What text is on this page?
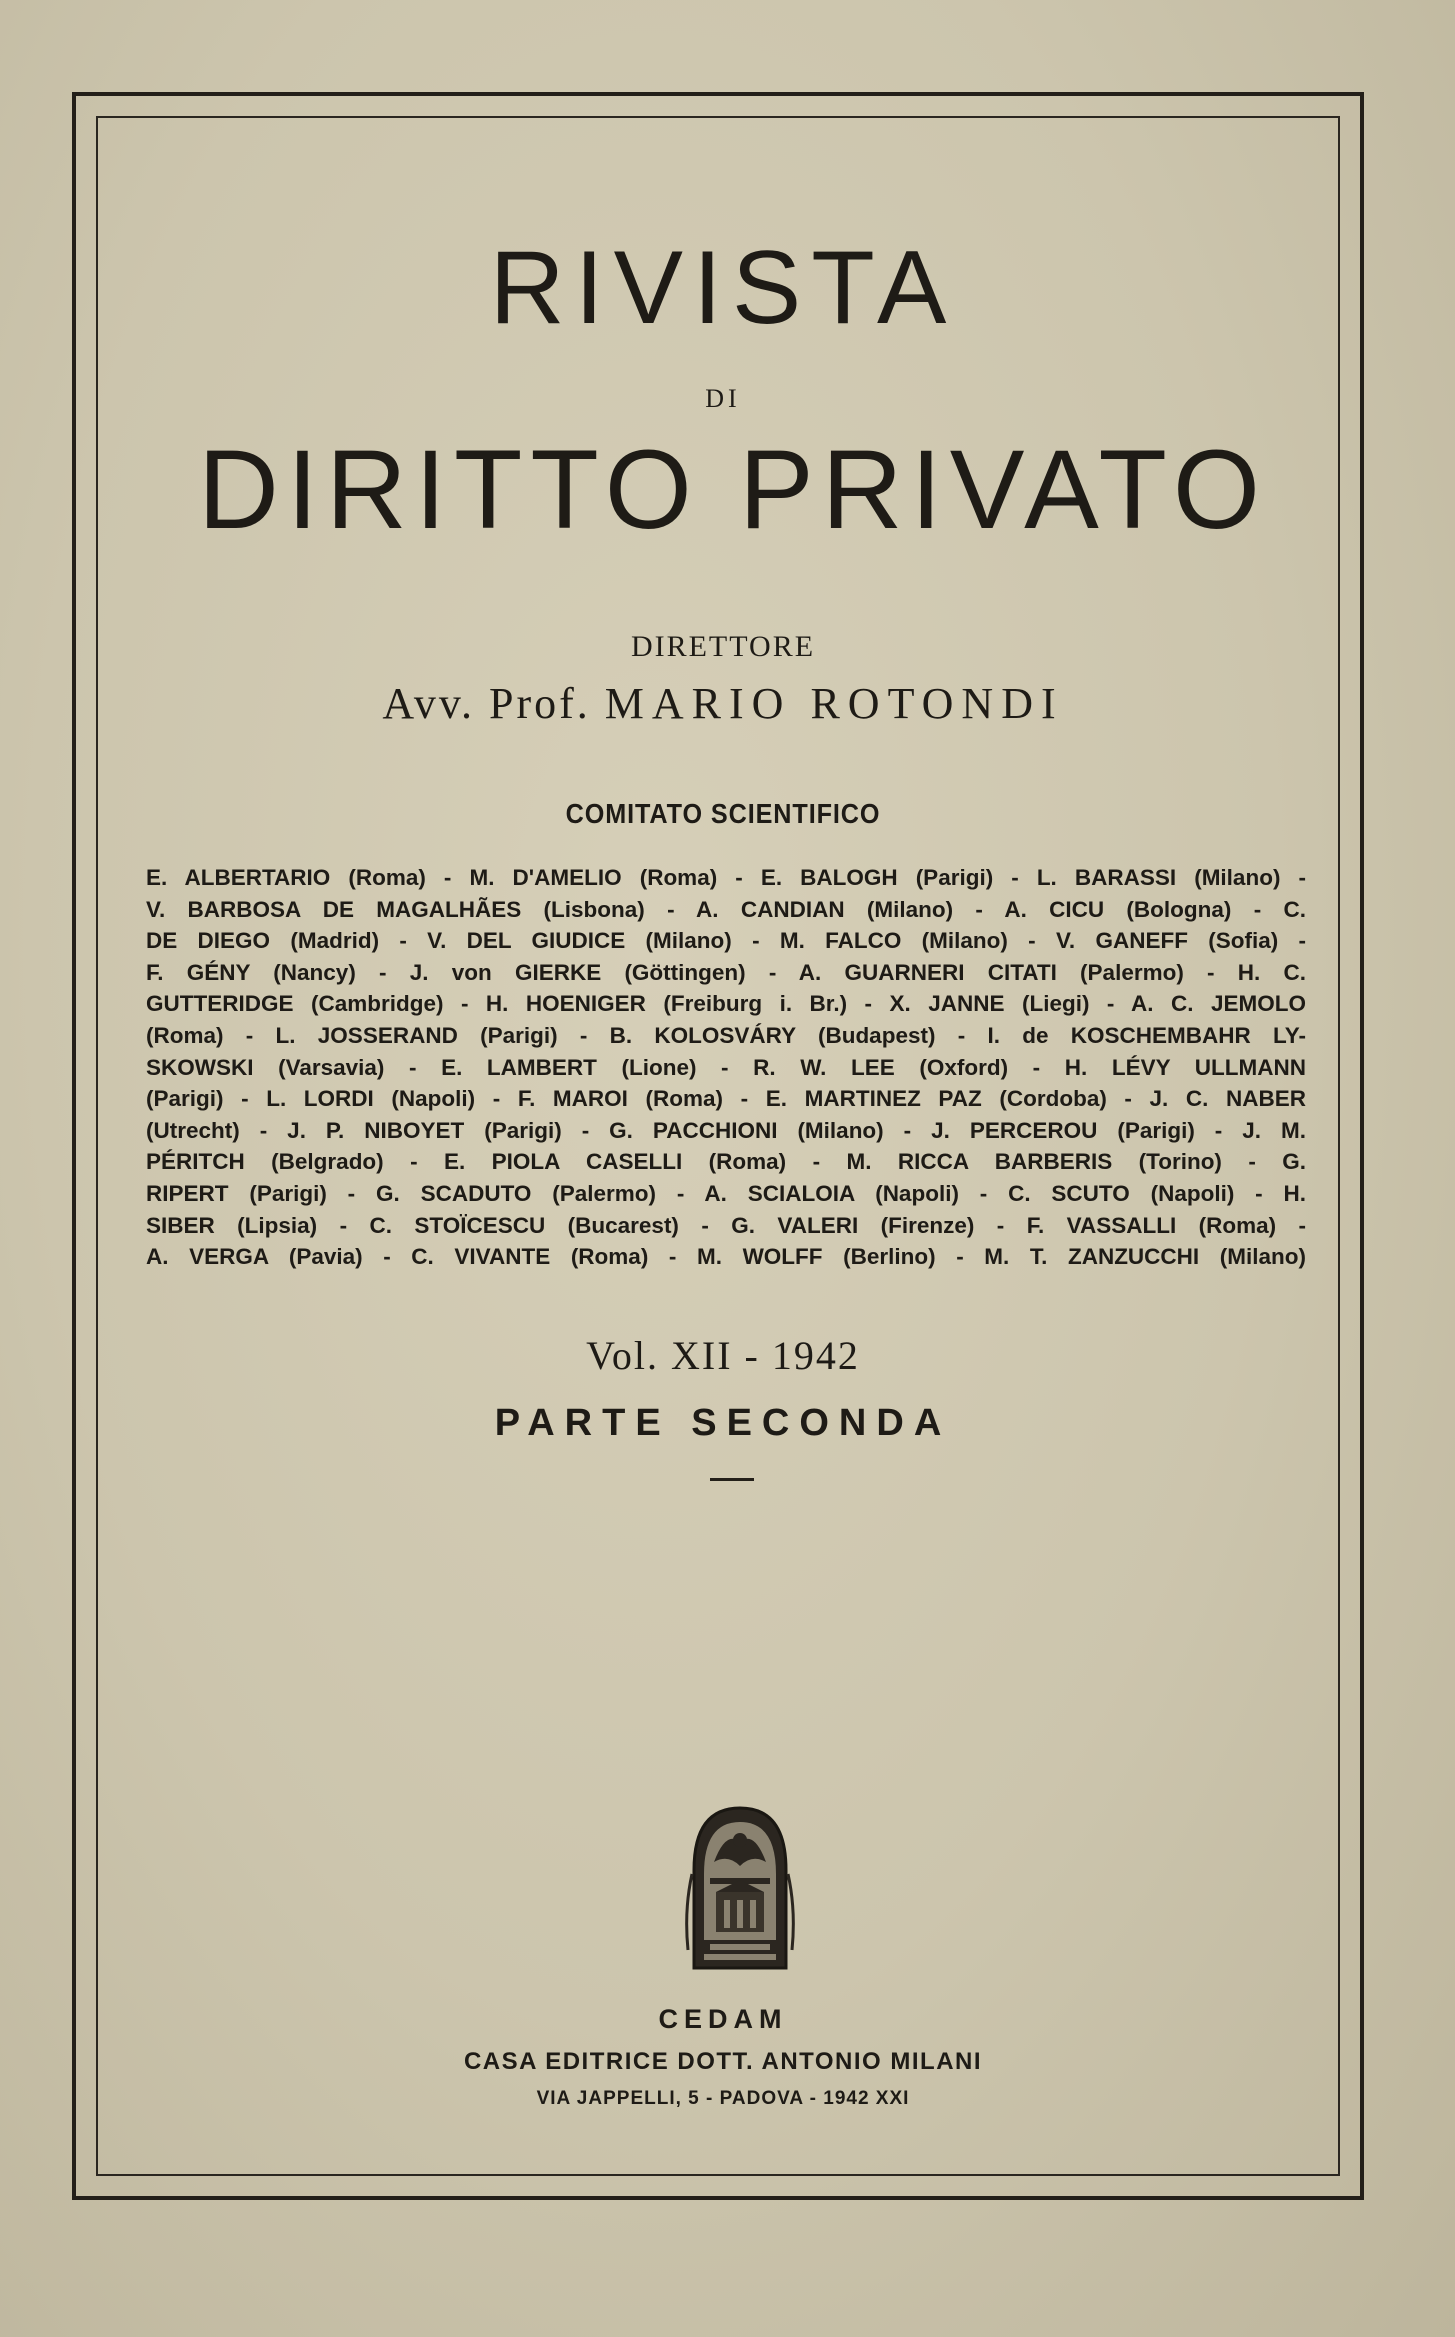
RIVISTA
DI
DIRITTO PRIVATO
DIRETTORE
Avv. Prof. MARIO ROTONDI
COMITATO SCIENTIFICO
E. ALBERTARIO (Roma) - M. D'AMELIO (Roma) - E. BALOGH (Parigi) - L. BARASSI (Milano) -
V. BARBOSA DE MAGALHÃES (Lisbona) - A. CANDIAN (Milano) - A. CICU (Bologna) - C.
DE DIEGO (Madrid) - V. DEL GIUDICE (Milano) - M. FALCO (Milano) - V. GANEFF (Sofia) -
F. GÉNY (Nancy) - J. von GIERKE (Göttingen) - A. GUARNERI CITATI (Palermo) - H. C.
GUTTERIDGE (Cambridge) - H. HOENIGER (Freiburg i. Br.) - X. JANNE (Liegi) - A. C. JEMOLO
(Roma) - L. JOSSERAND (Parigi) - B. KOLOSVÁRY (Budapest) - I. de KOSCHEMBAHR LY-
SKOWSKI (Varsavia) - E. LAMBERT (Lione) - R. W. LEE (Oxford) - H. LÉVY ULLMANN
(Parigi) - L. LORDI (Napoli) - F. MAROI (Roma) - E. MARTINEZ PAZ (Cordoba) - J. C. NABER
(Utrecht) - J. P. NIBOYET (Parigi) - G. PACCHIONI (Milano) - J. PERCEROU (Parigi) - J. M.
PÉRITCH (Belgrado) - E. PIOLA CASELLI (Roma) - M. RICCA BARBERIS (Torino) - G.
RIPERT (Parigi) - G. SCADUTO (Palermo) - A. SCIALOIA (Napoli) - C. SCUTO (Napoli) - H.
SIBER (Lipsia) - C. STOÏCESCU (Bucarest) - G. VALERI (Firenze) - F. VASSALLI (Roma) -
A. VERGA (Pavia) - C. VIVANTE (Roma) - M. WOLFF (Berlino) - M. T. ZANZUCCHI (Milano)
Vol. XII - 1942
PARTE SECONDA
CEDAM
CASA EDITRICE DOTT. ANTONIO MILANI
VIA JAPPELLI, 5 - PADOVA - 1942 XXI
